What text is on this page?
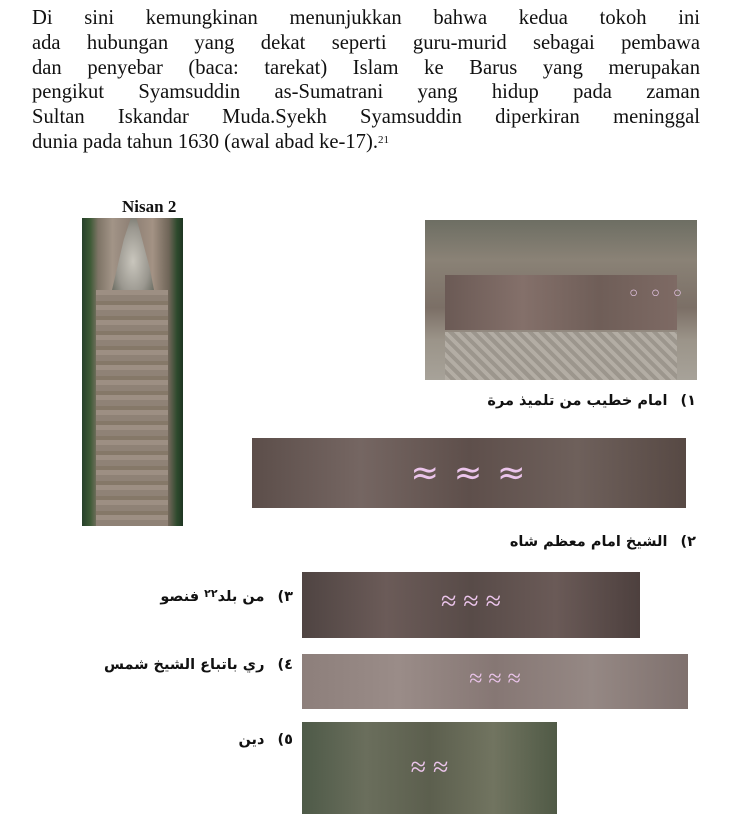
Di sini kemungkinan menunjukkan bahwa kedua tokoh ini
ada hubungan yang dekat seperti guru-murid sebagai pembawa
dan penyebar (baca: tarekat) Islam ke Barus yang merupakan
pengikut Syamsuddin as-Sumatrani yang hidup pada zaman
Sultan Iskandar Muda.Syekh Syamsuddin diperkiran meninggal
dunia pada tahun 1630 (awal abad ke-17).$^{21}$
Nisan 2
◦ ◦ ◦
١) امام خطيب من تلميذ مرة
≈ ≈ ≈
٢) الشيخ امام معظم شاه
≈ ≈ ≈
٣) من بلد$^{٢٢}$ فنصو
≈ ≈ ≈
٤) ري باتباع الشيخ شمس
≈ ≈
٥) دين
